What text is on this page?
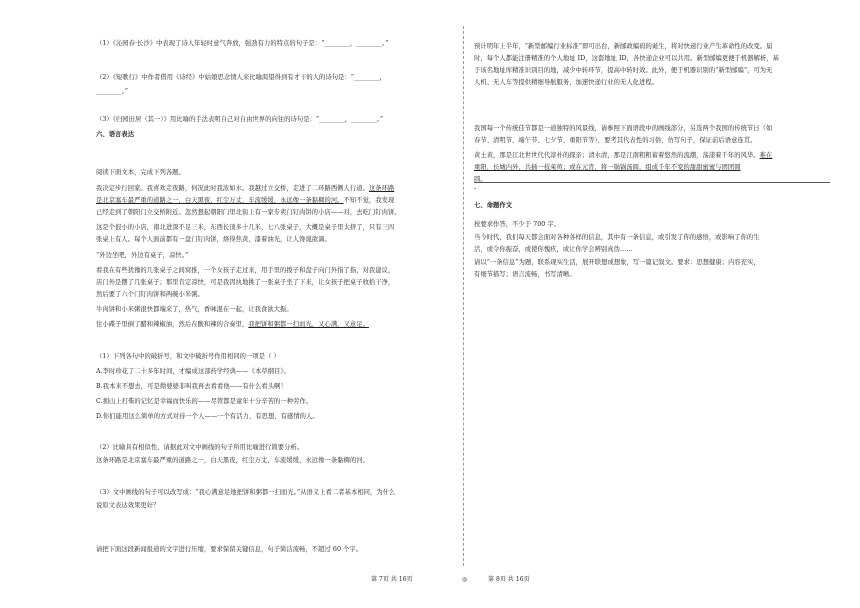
（1）《沁园春·长沙》中表现了诗人年轻时意气奔放，强劲有力的特点的句子是：“________，________。”
（2）《短歌行》中作者借用《诗经》中姑娘思念情人来比喻渴望得到有才干的人的诗句是：“________，
________。”
（3）《归园田居（其一）》用比喻的手法表明自己对自由世界的向往的诗句是：“________，________。”
六、语言表达
阅读下面文本，完成下列各题。
我决定步行回家。我喜欢走夜路，何况此时我浓如水。我越过立交桥，走进了二环路西侧人行道。这条环路
是北京塞车最严重的道路之一，白天黑夜，红尘万丈，车流缓缓，永远像一条黏稠的河。不知不觉，我发现
已经走到了朝阳门立交桥附近。忽然想起朝阳门里北街上有一家专卖门钉肉饼的小店——对，去吃门钉肉饼。
这是个很小的小店，南北进深不足三米，东西长顶多十几米，七八张桌子，大概是桌子里太挤了，只有三四
张桌上有人。每个人面前都有一盘门钉肉饼，烙得焦黄，漆着油光，让人馋涎欲滴。
“外边坐吧，外边有桌子，凉快。”
看我在有些犹豫的几张桌子之间窝推，一个女孩子走过来，用手里的拨子和盘子向门外指了指，对我建议，
店门外是摆了几张桌子；那里肯定凉快，可是我因执地挑了一张桌子坐了下来，让女孩子把桌子收拾干净，
然后要了六个门钉肉饼和两碗小米粥。
牛肉饼和小米粥很快都端来了，热气，香味混在一起，让我食欲大振。
往小碟子里倒了醋和辣椒油，然后在酸和辣的合奏里，我把饼和粥都一扫而光，又心满，又意足。
（1）下列各句中的破折号，和文中破折号作用相同的一项是（ ）
A.李时珍花了二十多年时间，才编成这部药学经典——《本草纲目》。
B.我本来不想去，可是拗婆婆非叫我再去看看他——有什么看头啊！
C.拥山上打柴的记忆是幸福而快乐的——尽管都是童年十分辛苦的一种劳作。
D.你们能用这么简单的方式对待一个人——一个有活力、有思想、有感情的人。
（2）比喻具有相似性，请据此对文中画线的句子所用比喻进行简要分析。
这条环路是北京塞车最严重的道路之一，白天黑夜，红尘万丈，车流缓缓，永远像一条黏稠的河。
（3）文中画线的句子可以改写成：“我心满意足地把饼和粥都一扫而光。”从语义上看二者基本相同，为什么
说原文表达效果更好？
请把下面这段新闻报道的文字进行压缩，要求保留关键信息，句子简洁流畅，不超过 60 个字。
预计明年上半年，“新型邮编行业标准”即可出台，新邮政编码的诞生，将对快递行业产生革命性的改变。届
时，每个人都能注册精准的个人地址 ID，这套地址 ID，各快递企业可以共用。新型邮编更便于机器解析，基
于该名地址库精准识别目的地，减少中转环节，提高中转时效。此外，便于机器识别的“新型邮编”，可为无
人机、无人车等提供精细导航服务，加速快递行业的无人化进程。
我国每一个传统佳节都是一道独特的风景线，请参照下面语段中的画线部分，另选两个我国的传统节日（如
春节、清明节、端午节、七夕节、重阳节等），要考其代表性的习俗，仿写句子，保证前后语意连贯。
黄土黄，那是江北世世代代淳朴的探亲；清水清，那是江南粗粗蓄着悠然的流潮，荡漾着千年的风华。难在
重阳，长城内外，共插一枝茱萸；或在元宵，将一锅锅汤圆，组成千年不变的甜甜蜜蜜与团团圆
圆。
-
七、命题作文
按要求作答，不少于 700 字。
当今时代，我们每天都会面对各种各样的信息，其中有一条信息，或引发了你的感悟，或影响了你的生
活，或令你振奋，或使你愧疚，或让你学会辨别真伪……
请以“一条信息”为题，联系现实生活，展开联想或想象，写一篇记叙文。要求：思想健康；内容充实，
有细节描写；语言流畅，书写清晰。
第 7页 共 16页	◎	第 8页 共 16页
